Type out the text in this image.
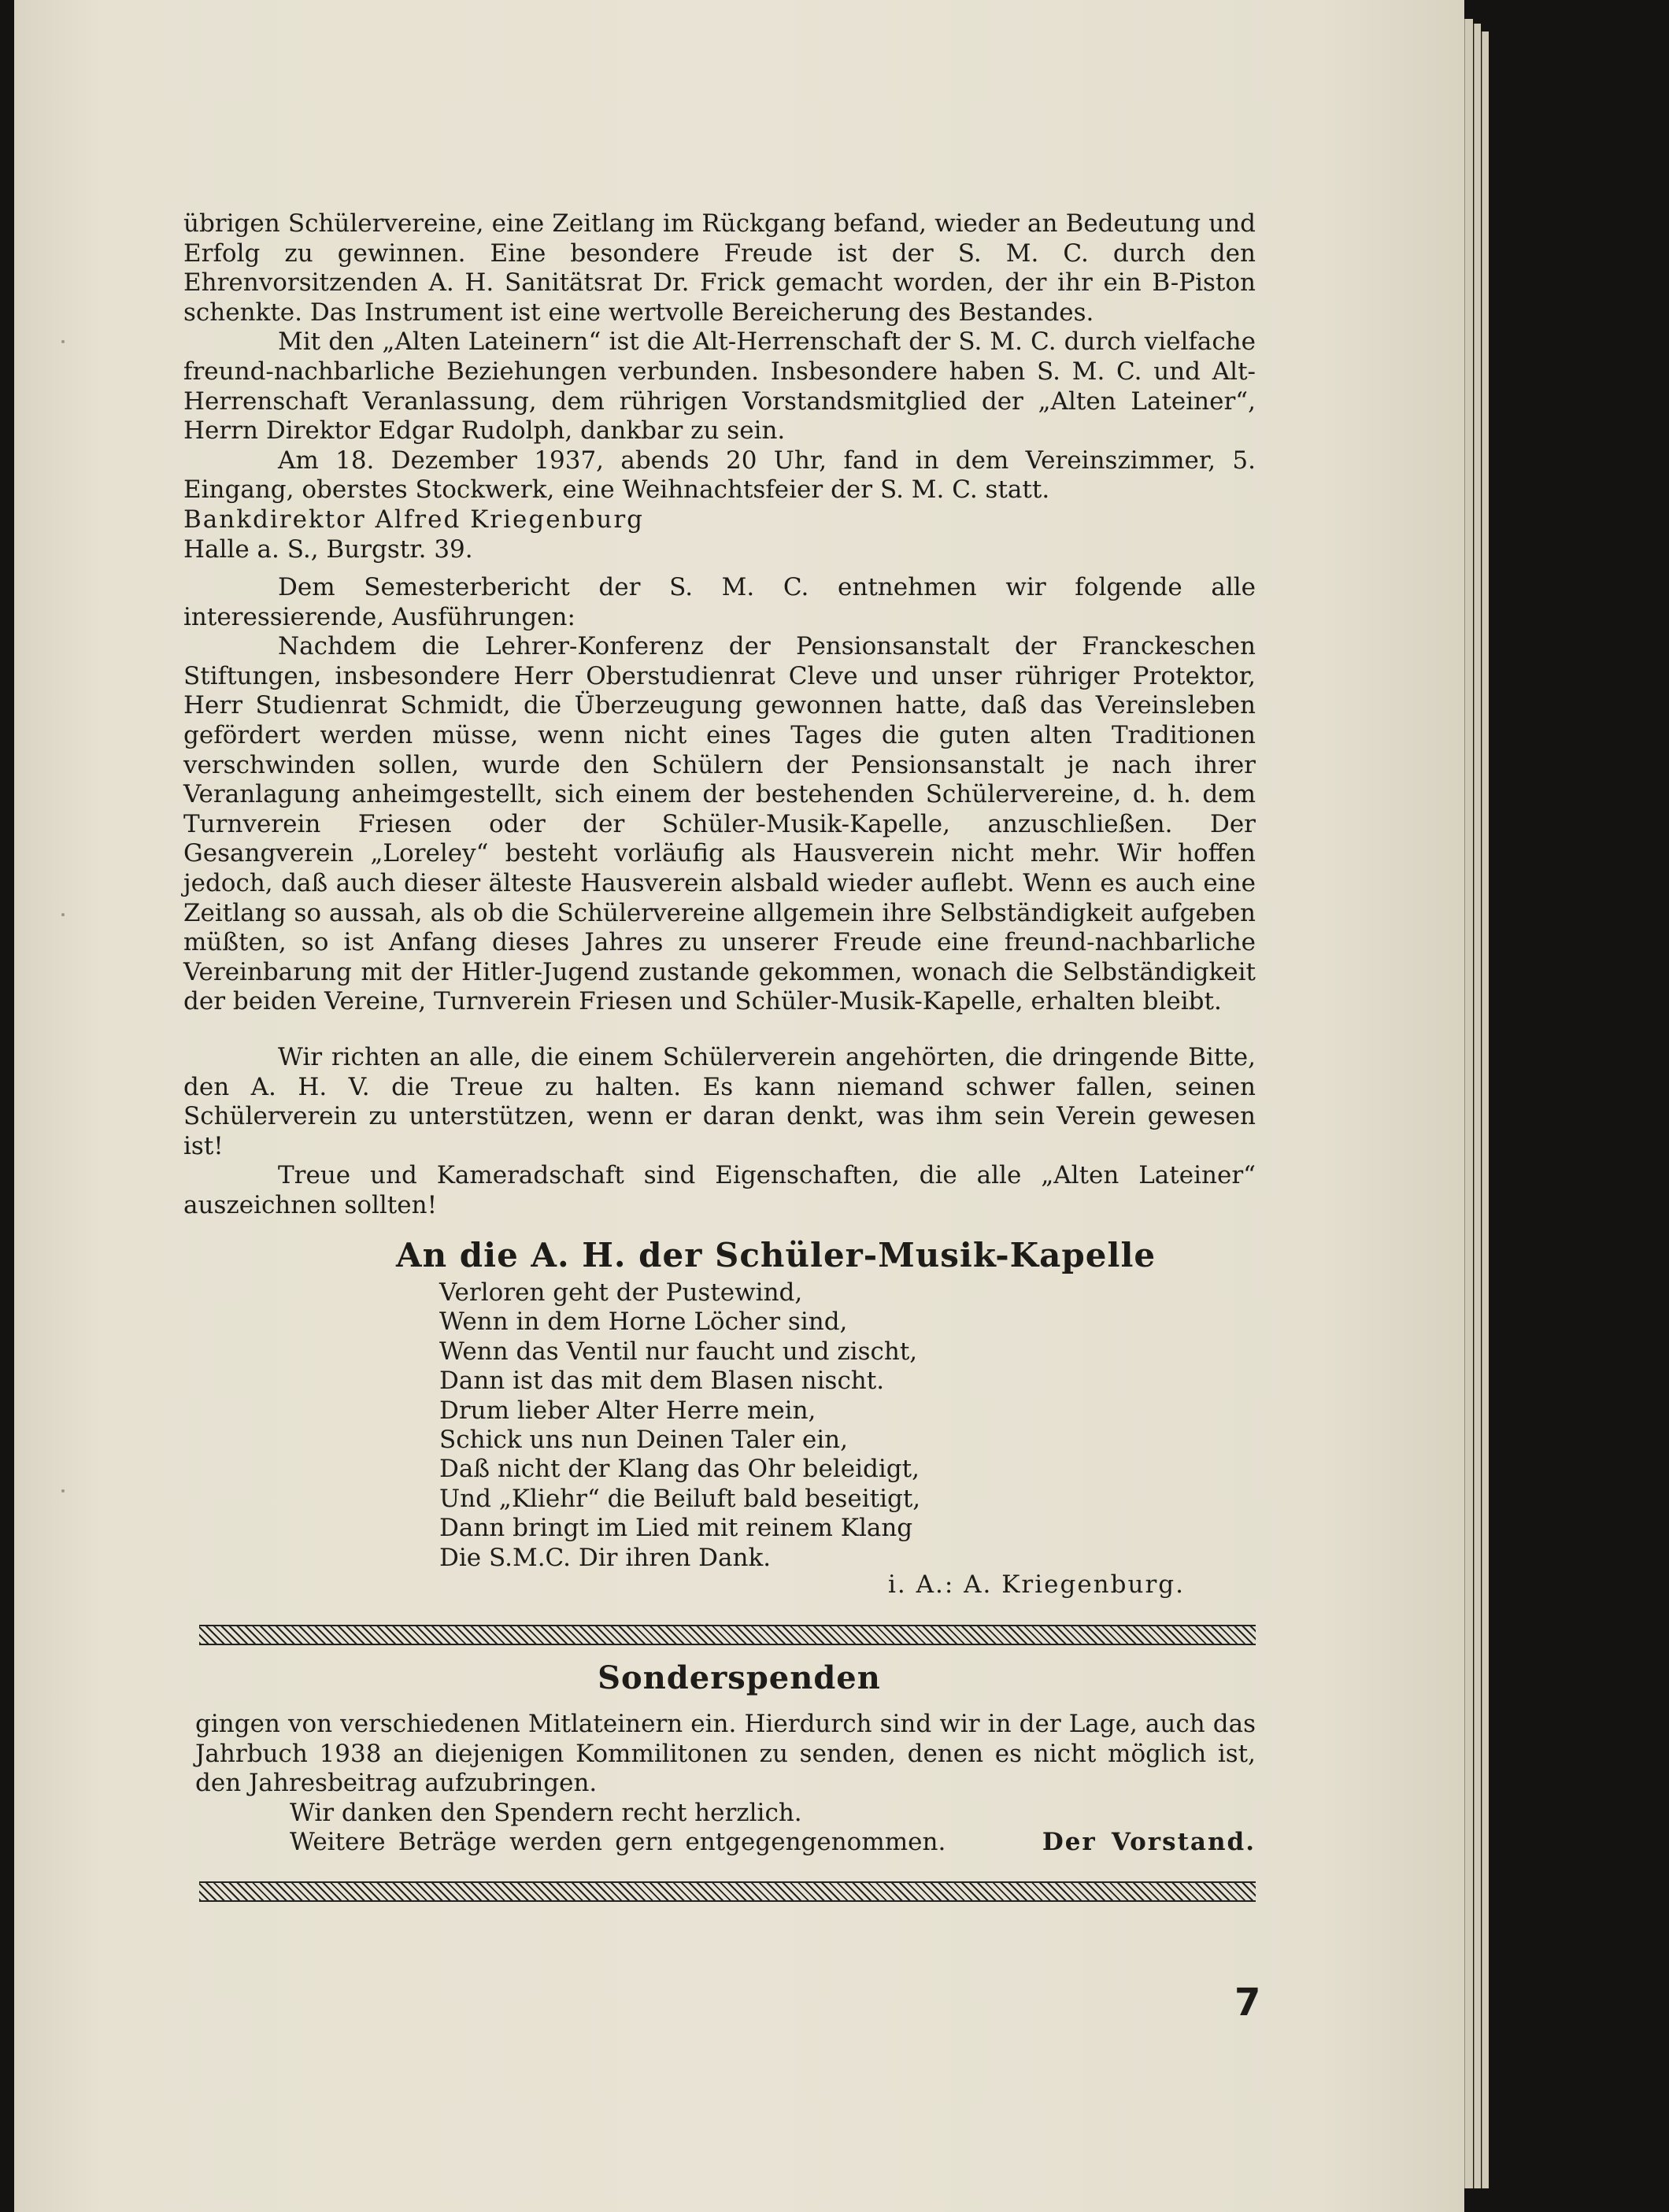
übrigen Schülervereine, eine Zeitlang im Rückgang befand, wieder an Bedeutung und Erfolg zu gewinnen. Eine besondere Freude ist der S. M. C. durch den Ehrenvorsitzenden A. H. Sanitätsrat Dr. Frick gemacht worden, der ihr ein B-Piston schenkte. Das Instrument ist eine wertvolle Bereicherung des Bestandes.

Mit den „Alten Lateinern“ ist die Alt-Herrenschaft der S. M. C. durch vielfache freund-nachbarliche Beziehungen verbunden. Insbesondere haben S. M. C. und Alt-Herrenschaft Veranlassung, dem rührigen Vorstandsmitglied der „Alten Lateiner“, Herrn Direktor Edgar Rudolph, dankbar zu sein.

Am 18. Dezember 1937, abends 20 Uhr, fand in dem Vereinszimmer, 5. Eingang, oberstes Stockwerk, eine Weihnachtsfeier der S. M. C. statt.

Bankdirektor Alfred Kriegenburg

Halle a. S., Burgstr. 39.

Dem Semesterbericht der S. M. C. entnehmen wir folgende alle interessierende, Ausführungen:

Nachdem die Lehrer-Konferenz der Pensionsanstalt der Franckeschen Stiftungen, insbesondere Herr Oberstudienrat Cleve und unser rühriger Protektor, Herr Studienrat Schmidt, die Überzeugung gewonnen hatte, daß das Vereinsleben gefördert werden müsse, wenn nicht eines Tages die guten alten Traditionen verschwinden sollen, wurde den Schülern der Pensionsanstalt je nach ihrer Veranlagung anheimgestellt, sich einem der bestehenden Schülervereine, d. h. dem Turnverein Friesen oder der Schüler-Musik-Kapelle, anzuschließen. Der Gesangverein „Loreley“ besteht vorläufig als Hausverein nicht mehr. Wir hoffen jedoch, daß auch dieser älteste Hausverein alsbald wieder auflebt. Wenn es auch eine Zeitlang so aussah, als ob die Schülervereine allgemein ihre Selbständigkeit aufgeben müßten, so ist Anfang dieses Jahres zu unserer Freude eine freund-nachbarliche Vereinbarung mit der Hitler-Jugend zustande gekommen, wonach die Selbständigkeit der beiden Vereine, Turnverein Friesen und Schüler-Musik-Kapelle, erhalten bleibt.

Wir richten an alle, die einem Schülerverein angehörten, die dringende Bitte, den A. H. V. die Treue zu halten. Es kann niemand schwer fallen, seinen Schülerverein zu unterstützen, wenn er daran denkt, was ihm sein Verein gewesen ist!

Treue und Kameradschaft sind Eigenschaften, die alle „Alten Lateiner“ auszeichnen sollten!

An die A. H. der Schüler-Musik-Kapelle
Verloren geht der Pustewind,
Wenn in dem Horne Löcher sind,
Wenn das Ventil nur faucht und zischt,
Dann ist das mit dem Blasen nischt.
Drum lieber Alter Herre mein,
Schick uns nun Deinen Taler ein,
Daß nicht der Klang das Ohr beleidigt,
Und „Kliehr“ die Beiluft bald beseitigt,
Dann bringt im Lied mit reinem Klang
Die S.M.C. Dir ihren Dank.
i. A.: A. Kriegenburg.
Sonderspenden

gingen von verschiedenen Mitlateinern ein. Hierdurch sind wir in der Lage, auch das Jahrbuch 1938 an diejenigen Kommilitonen zu senden, denen es nicht möglich ist, den Jahresbeitrag aufzubringen.

Wir danken den Spendern recht herzlich.

Weitere Beträge werden gern entgegengenommen.	Der Vorstand.

7
